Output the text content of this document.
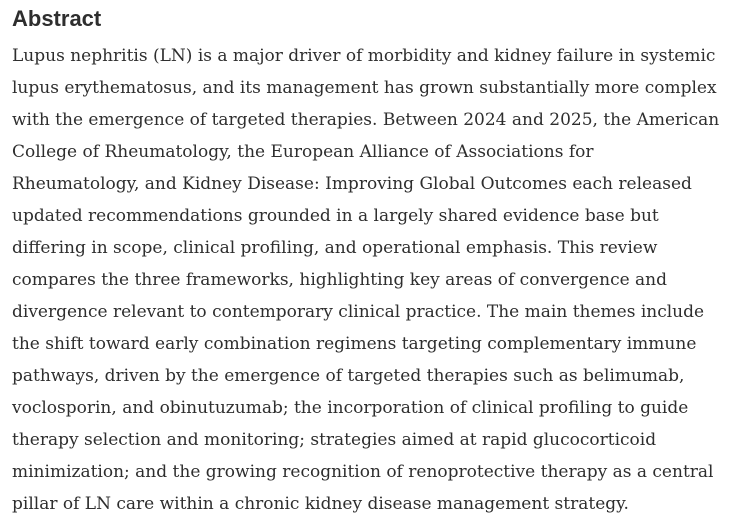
Abstract

Lupus nephritis (LN) is a major driver of morbidity and kidney failure in systemic
lupus erythematosus, and its management has grown substantially more complex
with the emergence of targeted therapies. Between 2024 and 2025, the American
College of Rheumatology, the European Alliance of Associations for
Rheumatology, and Kidney Disease: Improving Global Outcomes each released
updated recommendations grounded in a largely shared evidence base but
differing in scope, clinical profiling, and operational emphasis. This review
compares the three frameworks, highlighting key areas of convergence and
divergence relevant to contemporary clinical practice. The main themes include
the shift toward early combination regimens targeting complementary immune
pathways, driven by the emergence of targeted therapies such as belimumab,
voclosporin, and obinutuzumab; the incorporation of clinical profiling to guide
therapy selection and monitoring; strategies aimed at rapid glucocorticoid
minimization; and the growing recognition of renoprotective therapy as a central
pillar of LN care within a chronic kidney disease management strategy.
